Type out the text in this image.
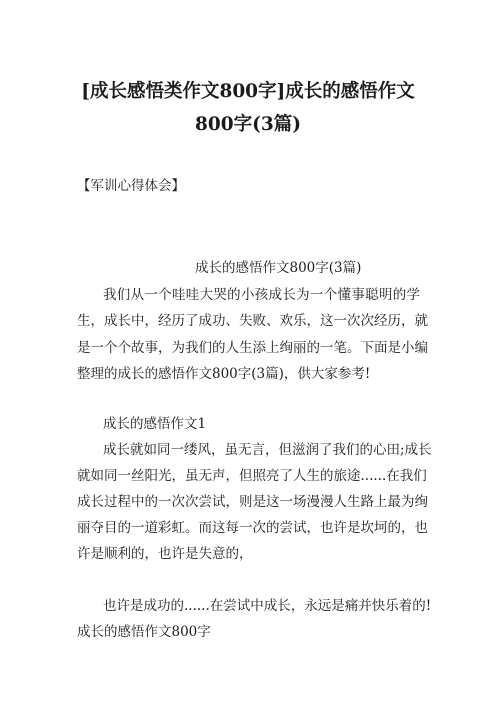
[成长感悟类作文800字]成长的感悟作文
800字(3篇)
【军训心得体会】
成长的感悟作文800字(3篇)
我们从一个哇哇大哭的小孩成长为一个懂事聪明的学
生，成长中，经历了成功、失败、欢乐，这一次次经历，就
是一个个故事，为我们的人生添上绚丽的一笔。下面是小编
整理的成长的感悟作文800字(3篇)，供大家参考!
成长的感悟作文1
成长就如同一缕风，虽无言，但滋润了我们的心田;成长
就如同一丝阳光，虽无声，但照亮了人生的旅途......在我们
成长过程中的一次次尝试，则是这一场漫漫人生路上最为绚
丽夺目的一道彩虹。而这每一次的尝试，也许是坎坷的，也
许是顺利的，也许是失意的，
也许是成功的......在尝试中成长，永远是痛并快乐着的!
成长的感悟作文800字
